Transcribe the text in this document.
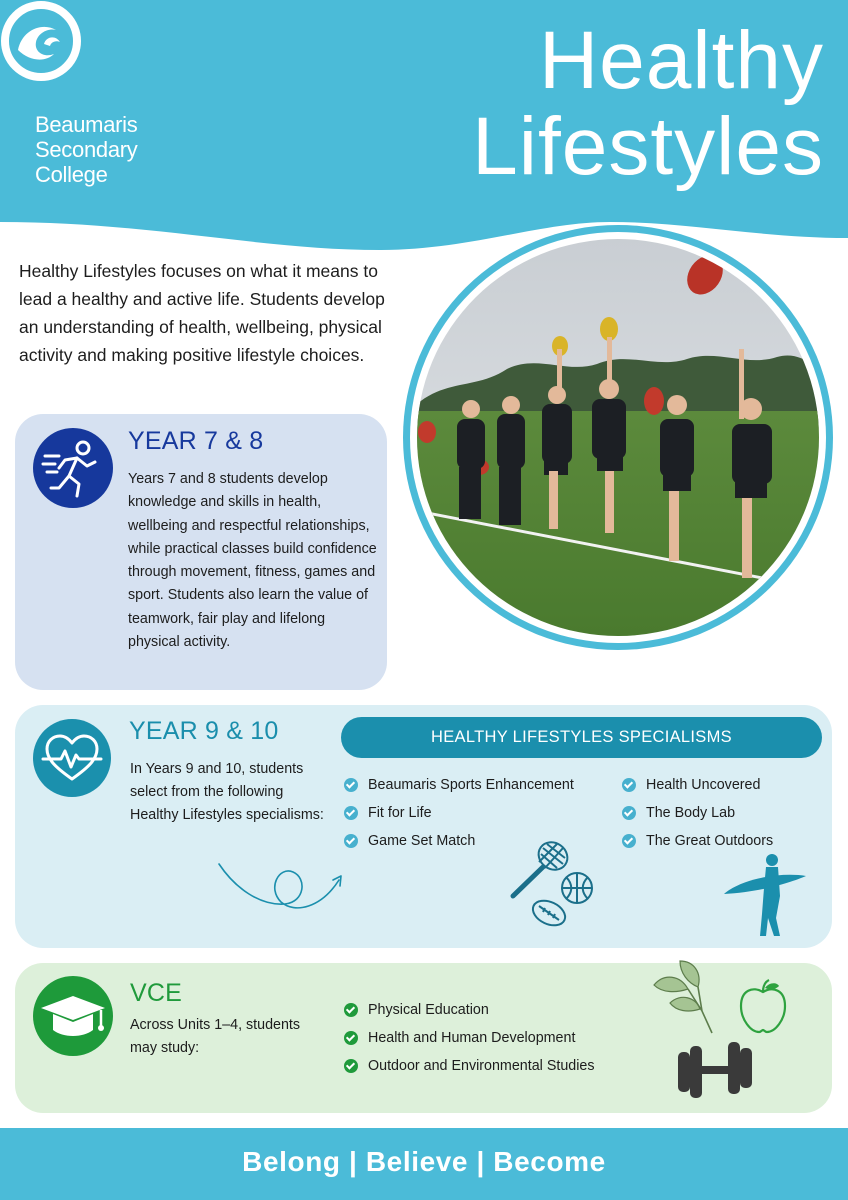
Beaumaris
Secondary
College
Healthy
Lifestyles

Healthy Lifestyles focuses on what it means to lead a healthy and active life. Students develop an understanding of health, wellbeing, physical activity and making positive lifestyle choices.

YEAR 7 & 8

Years 7 and 8 students develop knowledge and skills in health, wellbeing and respectful relationships, while practical classes build confidence through movement, fitness, games and sport. Students also learn the value of teamwork, fair play and lifelong physical activity.

YEAR 9 & 10

In Years 9 and 10, students select from the following Healthy Lifestyles specialisms:

HEALTHY LIFESTYLES SPECIALISMS
Beaumaris Sports Enhancement
Fit for Life
Game Set Match
Health Uncovered
The Body Lab
The Great Outdoors
VCE

Across Units 1–4, students may study:

Physical Education
Health and Human Development
Outdoor and Environmental Studies
Belong | Believe | Become
